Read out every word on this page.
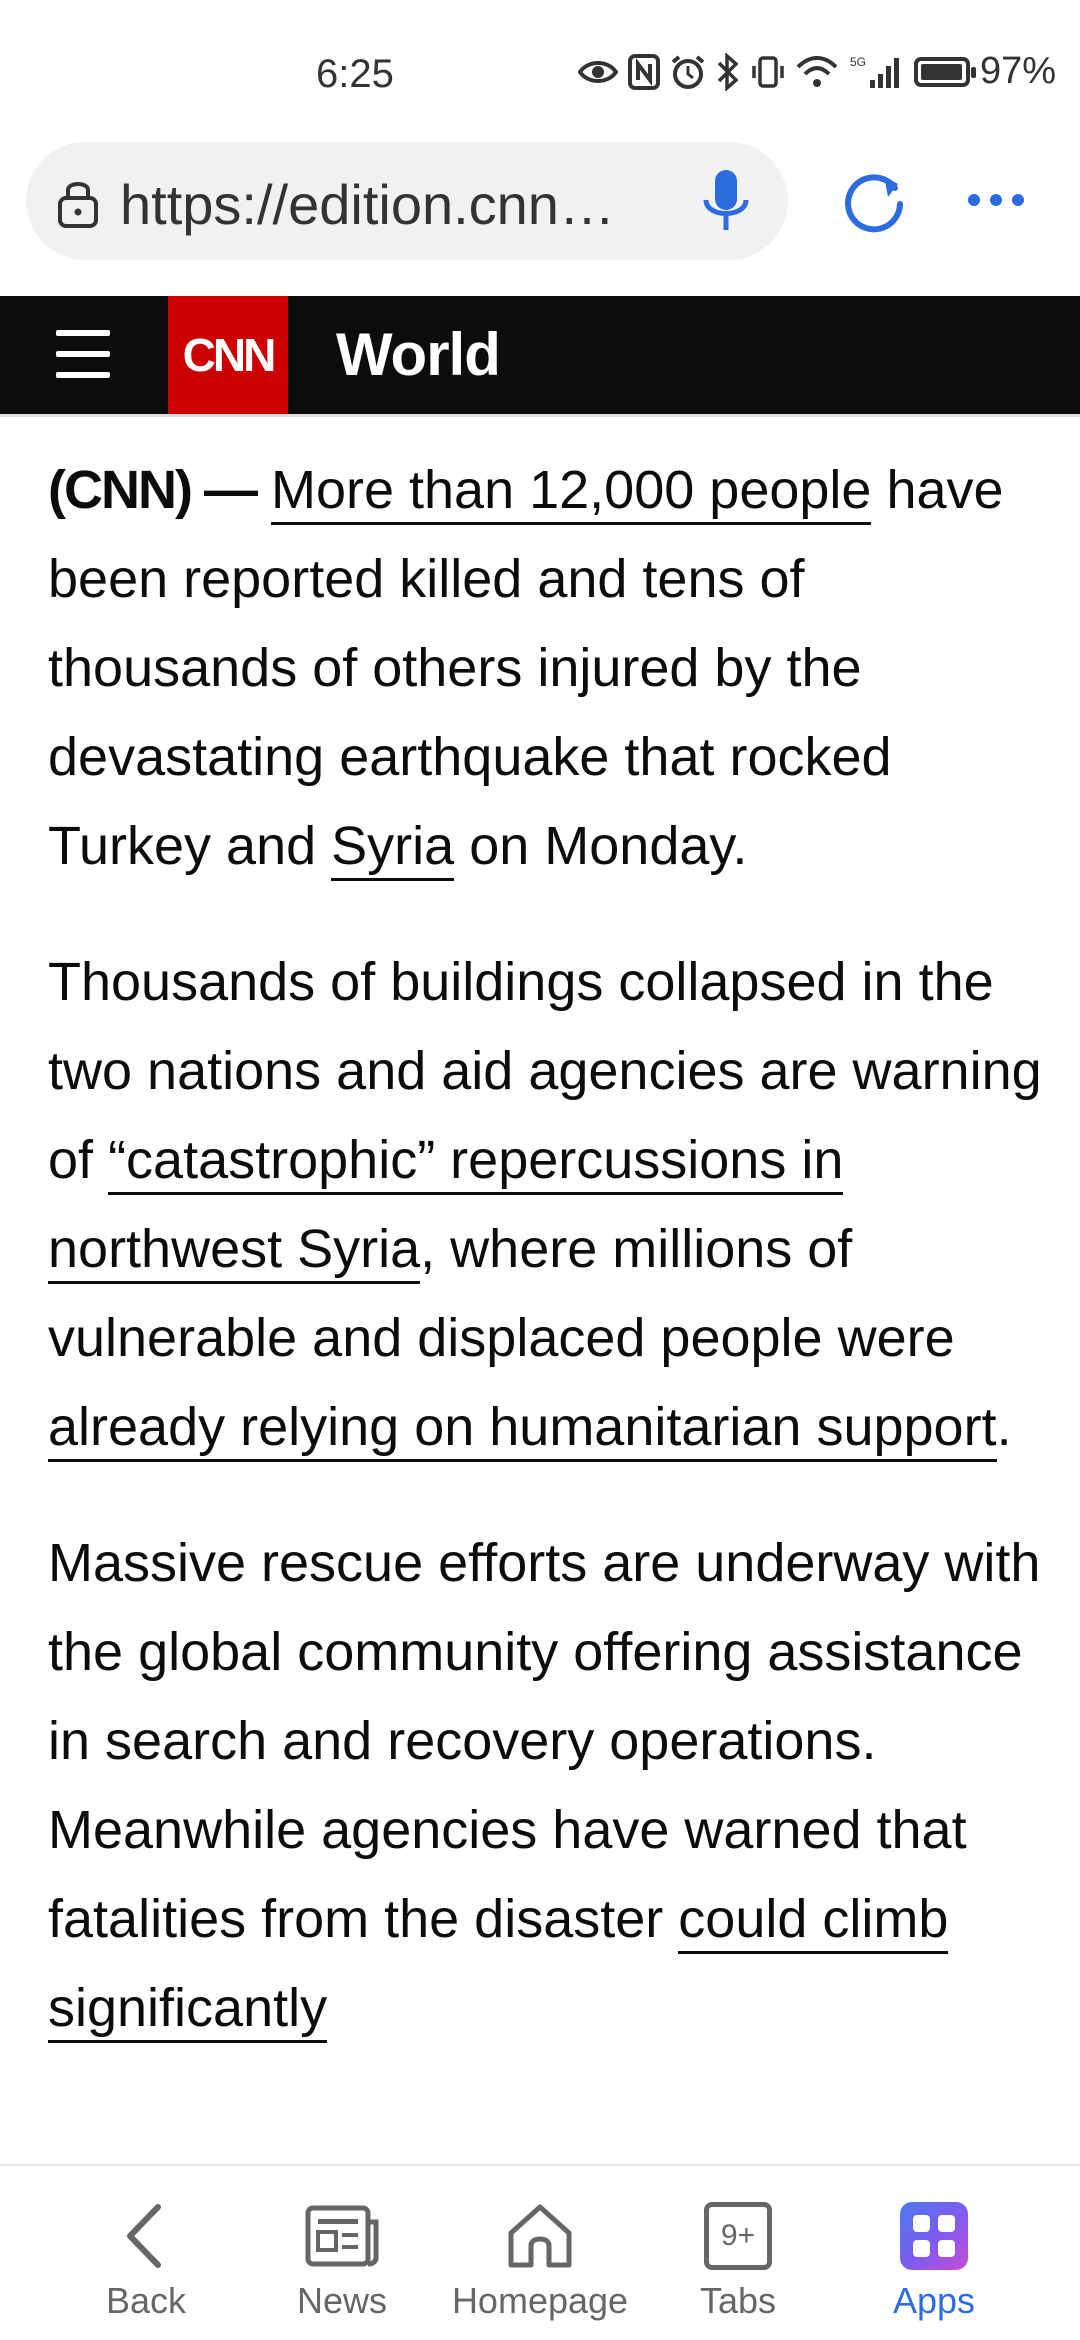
6:25	5G	97%
https://edition.cnn…
CNN World

(CNN) — More than 12,000 people have been reported killed and tens of thousands of others injured by the devastating earthquake that rocked Turkey and Syria on Monday.

Thousands of buildings collapsed in the two nations and aid agencies are warning of “catastrophic” repercussions in northwest Syria, where millions of vulnerable and displaced people were already relying on humanitarian support.

Massive rescue efforts are underway with the global community offering assistance in search and recovery operations. Meanwhile agencies have warned that fatalities from the disaster could climb significantly

Back	News Homepage
9+
Tabs	Apps
